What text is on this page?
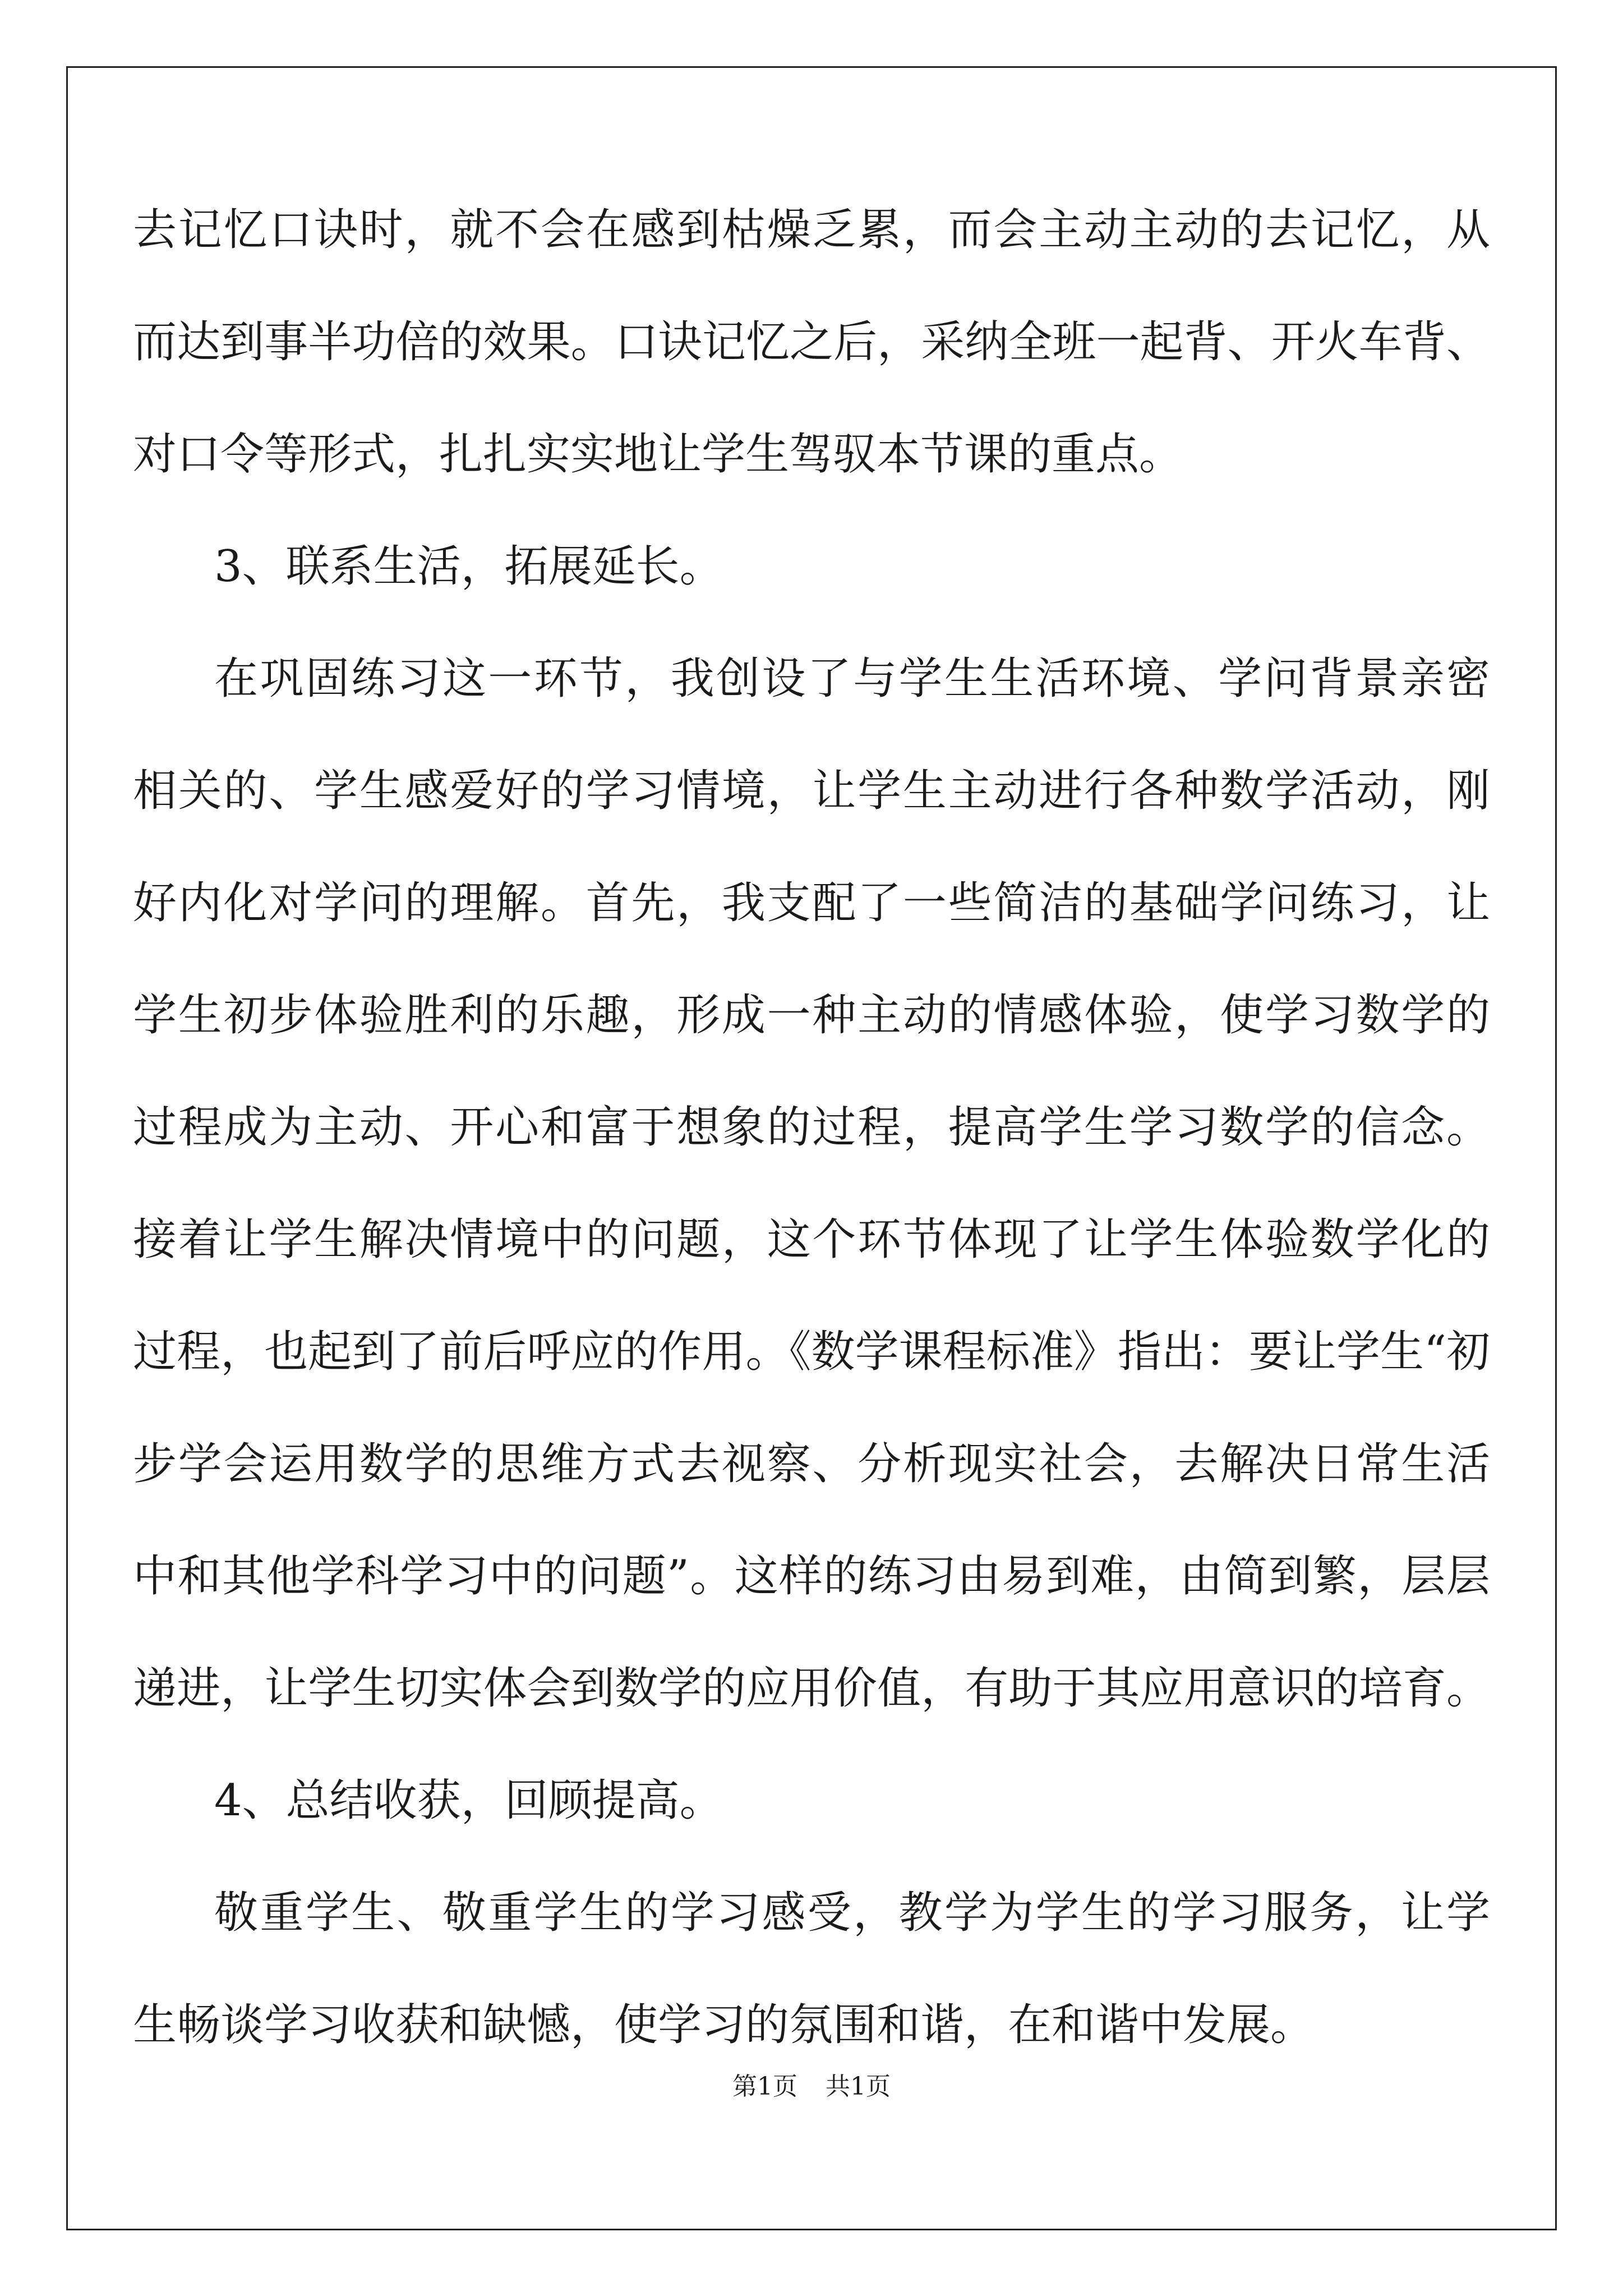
去记忆口诀时，就不会在感到枯燥乏累，而会主动主动的去记忆，从
而达到事半功倍的效果。口诀记忆之后，采纳全班一起背、开火车背、
对口令等形式，扎扎实实地让学生驾驭本节课的重点。
3、联系生活，拓展延长。
在巩固练习这一环节，我创设了与学生生活环境、学问背景亲密
相关的、学生感爱好的学习情境，让学生主动进行各种数学活动，刚
好内化对学问的理解。首先，我支配了一些简洁的基础学问练习，让
学生初步体验胜利的乐趣，形成一种主动的情感体验，使学习数学的
过程成为主动、开心和富于想象的过程，提高学生学习数学的信念。
接着让学生解决情境中的问题，这个环节体现了让学生体验数学化的
过程，也起到了前后呼应的作用。《数学课程标准》指出：要让学生“初
步学会运用数学的思维方式去视察、分析现实社会，去解决日常生活
中和其他学科学习中的问题”。这样的练习由易到难，由简到繁，层层
递进，让学生切实体会到数学的应用价值，有助于其应用意识的培育。
4、总结收获，回顾提高。
敬重学生、敬重学生的学习感受，教学为学生的学习服务，让学
生畅谈学习收获和缺憾，使学习的氛围和谐，在和谐中发展。
第1页 共1页
